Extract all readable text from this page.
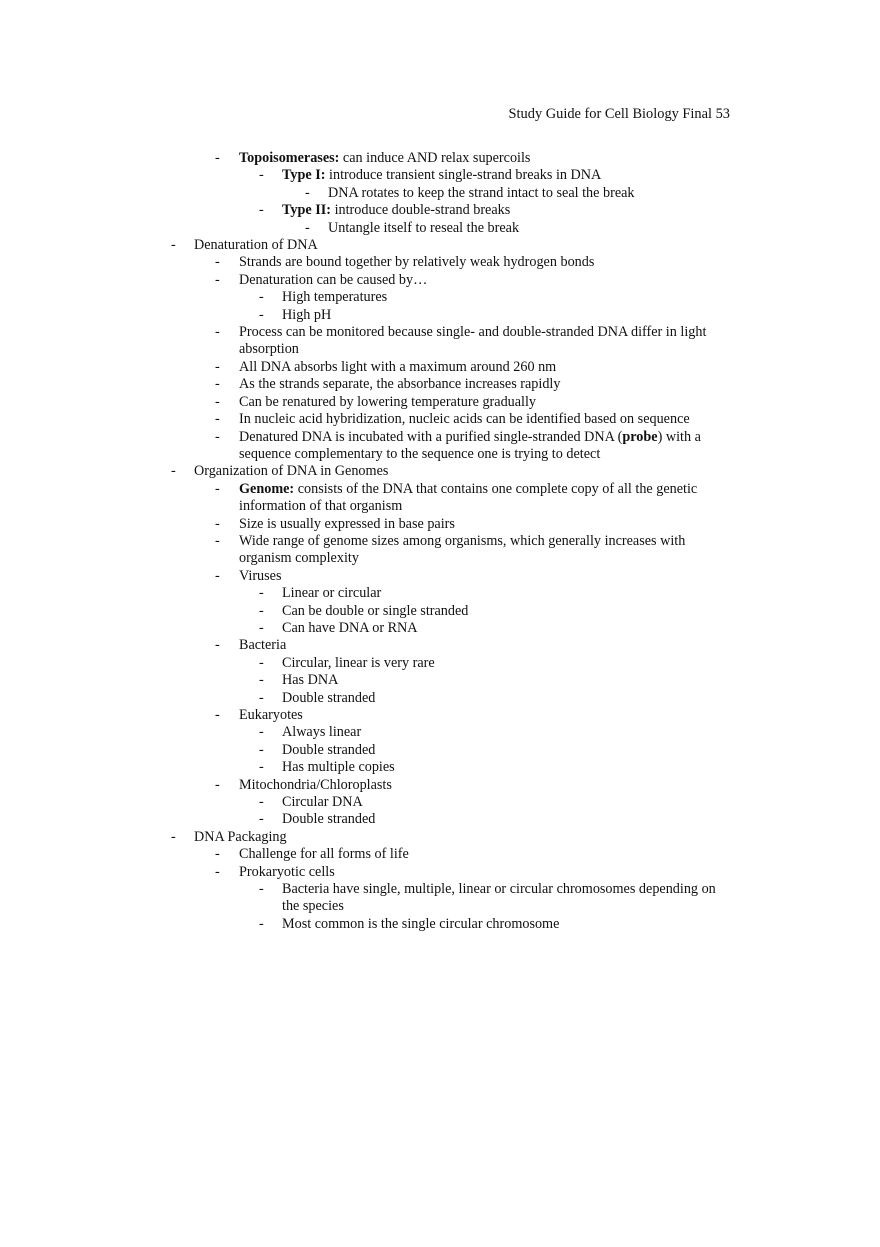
Study Guide for Cell Biology Final 53
- Topoisomerases: can induce AND relax supercoils
- Type I: introduce transient single-strand breaks in DNA
- DNA rotates to keep the strand intact to seal the break
- Type II: introduce double-strand breaks
- Untangle itself to reseal the break
- Denaturation of DNA
- Strands are bound together by relatively weak hydrogen bonds
- Denaturation can be caused by…
- High temperatures
- High pH
- Process can be monitored because single- and double-stranded DNA differ in light absorption
- All DNA absorbs light with a maximum around 260 nm
- As the strands separate, the absorbance increases rapidly
- Can be renatured by lowering temperature gradually
- In nucleic acid hybridization, nucleic acids can be identified based on sequence
- Denatured DNA is incubated with a purified single-stranded DNA (probe) with a sequence complementary to the sequence one is trying to detect
- Organization of DNA in Genomes
- Genome: consists of the DNA that contains one complete copy of all the genetic information of that organism
- Size is usually expressed in base pairs
- Wide range of genome sizes among organisms, which generally increases with organism complexity
- Viruses
- Linear or circular
- Can be double or single stranded
- Can have DNA or RNA
- Bacteria
- Circular, linear is very rare
- Has DNA
- Double stranded
- Eukaryotes
- Always linear
- Double stranded
- Has multiple copies
- Mitochondria/Chloroplasts
- Circular DNA
- Double stranded
- DNA Packaging
- Challenge for all forms of life
- Prokaryotic cells
- Bacteria have single, multiple, linear or circular chromosomes depending on the species
- Most common is the single circular chromosome
